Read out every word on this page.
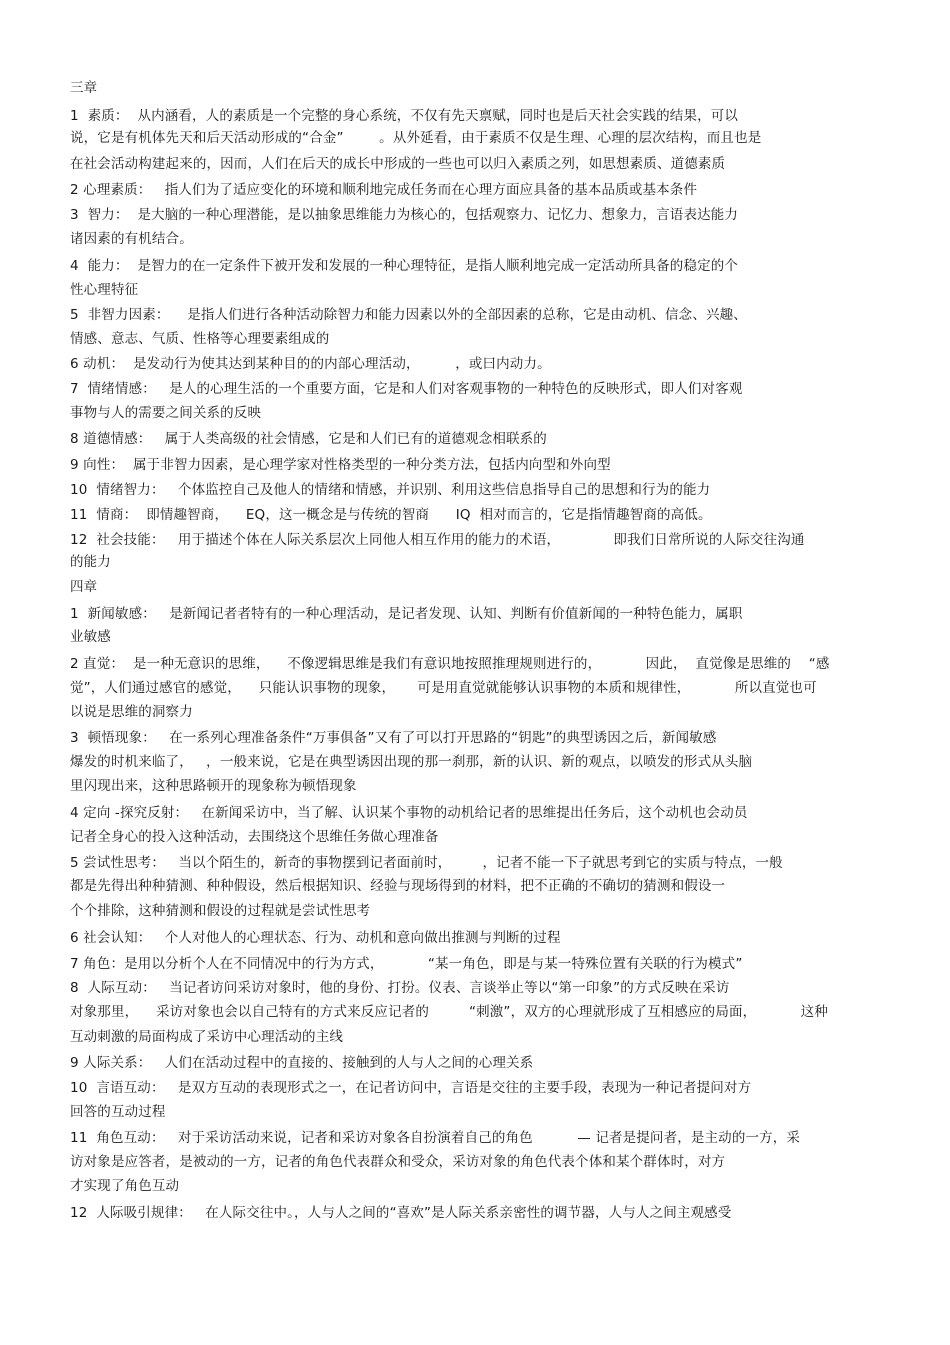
三章
1  素质：  从内涵看，人的素质是一个完整的身心系统，不仅有先天禀赋，同时也是后天社会实践的结果，可以
说，它是有机体先天和后天活动形成的“合金”        。从外延看，由于素质不仅是生理、心理的层次结构，而且也是
在社会活动构建起来的，因而，人们在后天的成长中形成的一些也可以归入素质之列，如思想素质、道德素质
2 心理素质：   指人们为了适应变化的环境和顺利地完成任务而在心理方面应具备的基本品质或基本条件
3  智力：  是大脑的一种心理潜能，是以抽象思维能力为核心的，包括观察力、记忆力、想象力，言语表达能力
诸因素的有机结合。
4  能力：  是智力的在一定条件下被开发和发展的一种心理特征，是指人顺利地完成一定活动所具备的稳定的个
性心理特征
5  非智力因素：    是指人们进行各种活动除智力和能力因素以外的全部因素的总称，它是由动机、信念、兴趣、
情感、意志、气质、性格等心理要素组成的
6 动机：  是发动行为使其达到某种目的的内部心理活动，        ，或曰内动力。
7  情绪情感：   是人的心理生活的一个重要方面，它是和人们对客观事物的一种特色的反映形式，即人们对客观
事物与人的需要之间关系的反映
8 道德情感：   属于人类高级的社会情感，它是和人们已有的道德观念相联系的
9 向性：  属于非智力因素，是心理学家对性格类型的一种分类方法，包括内向型和外向型
10  情绪智力：   个体监控自己及他人的情绪和情感，并识别、利用这些信息指导自己的思想和行为的能力
11  情商：  即情趣智商，    EQ，这一概念是与传统的智商      IQ  相对而言的，它是指情趣智商的高低。
12  社会技能：   用于描述个体在人际关系层次上同他人相互作用的能力的术语，            即我们日常所说的人际交往沟通
的能力
四章
1  新闻敏感：   是新闻记者者特有的一种心理活动，是记者发现、认知、判断有价值新闻的一种特色能力，属职
业敏感
2 直觉：  是一种无意识的思维，    不像逻辑思维是我们有意识地按照推理规则进行的，          因此，  直觉像是思维的    “感
觉”，人们通过感官的感觉，    只能认识事物的现象，     可是用直觉就能够认识事物的本质和规律性，          所以直觉也可
以说是思维的洞察力
3  顿悟现象：   在一系列心理准备条件“万事俱备”又有了可以打开思路的“钥匙”的典型诱因之后，新闻敏感
爆发的时机来临了，   ，一般来说，它是在典型诱因出现的那一刹那，新的认识、新的观点，以喷发的形式从头脑
里闪现出来，这种思路顿开的现象称为顿悟现象
4 定向 -探究反射：   在新闻采访中，当了解、认识某个事物的动机给记者的思维提出任务后，这个动机也会动员
记者全身心的投入这种活动，去围绕这个思维任务做心理准备
5 尝试性思考：   当以个陌生的，新奇的事物摆到记者面前时，       ，记者不能一下子就思考到它的实质与特点，一般
都是先得出种种猜测、种种假设，然后根据知识、经验与现场得到的材料，把不正确的不确切的猜测和假设一
个个排除，这种猜测和假设的过程就是尝试性思考
6 社会认知：   个人对他人的心理状态、行为、动机和意向做出推测与判断的过程
7 角色：是用以分析个人在不同情况中的行为方式，          “某一角色，即是与某一特殊位置有关联的行为模式”
8  人际互动：   当记者访问采访对象时，他的身份、打扮。仪表、言谈举止等以“第一印象”的方式反映在采访
对象那里，    采访对象也会以自己特有的方式来反应记者的         “刺激”，双方的心理就形成了互相感应的局面，          这种
互动刺激的局面构成了采访中心理活动的主线
9 人际关系：   人们在活动过程中的直接的、接触到的人与人之间的心理关系
10  言语互动：   是双方互动的表现形式之一，在记者访问中，言语是交往的主要手段，表现为一种记者提问对方
回答的互动过程
11  角色互动：   对于采访活动来说，记者和采访对象各自扮演着自己的角色          — 记者是提问者，是主动的一方，采
访对象是应答者，是被动的一方，记者的角色代表群众和受众，采访对象的角色代表个体和某个群体时，对方
才实现了角色互动
12  人际吸引规律：   在人际交往中。，人与人之间的“喜欢”是人际关系亲密性的调节器，人与人之间主观感受
